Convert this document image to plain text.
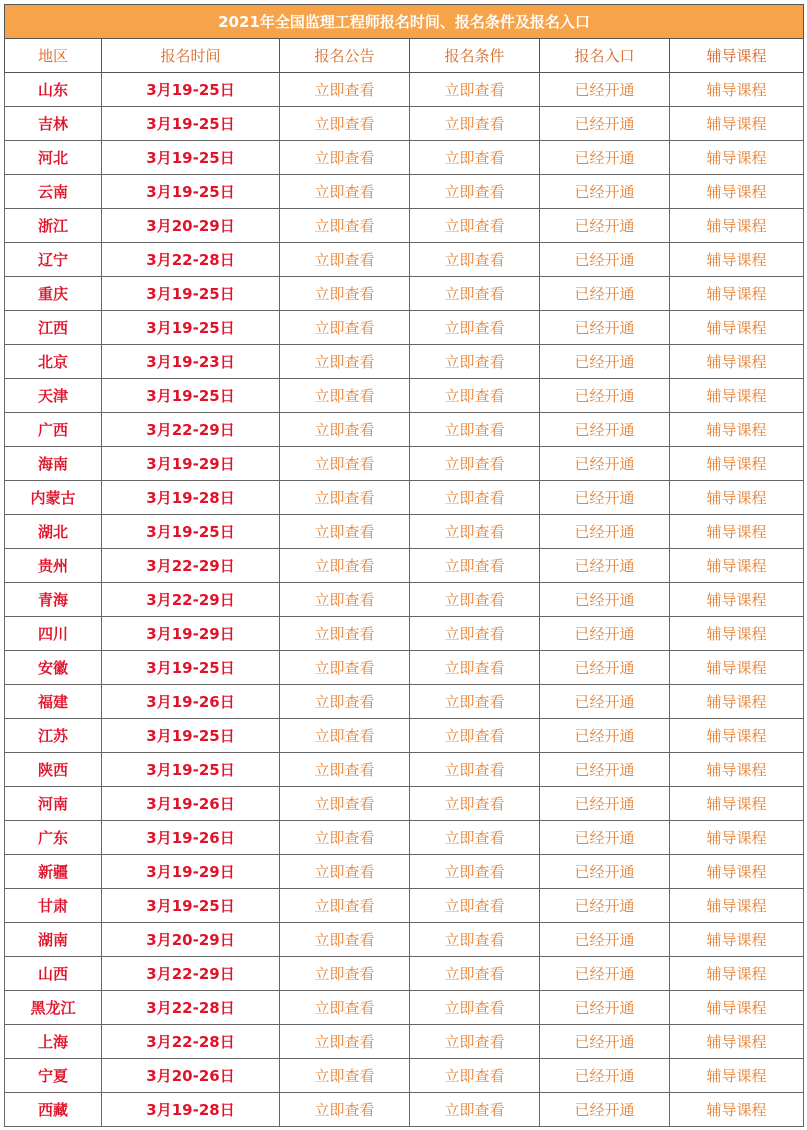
2021年全国监理工程师报名时间、报名条件及报名入口					
地区	报名时间	报名公告	报名条件	报名入口	辅导课程
山东	3月19-25日	立即查看	立即查看	已经开通	辅导课程
吉林	3月19-25日	立即查看	立即查看	已经开通	辅导课程
河北	3月19-25日	立即查看	立即查看	已经开通	辅导课程
云南	3月19-25日	立即查看	立即查看	已经开通	辅导课程
浙江	3月20-29日	立即查看	立即查看	已经开通	辅导课程
辽宁	3月22-28日	立即查看	立即查看	已经开通	辅导课程
重庆	3月19-25日	立即查看	立即查看	已经开通	辅导课程
江西	3月19-25日	立即查看	立即查看	已经开通	辅导课程
北京	3月19-23日	立即查看	立即查看	已经开通	辅导课程
天津	3月19-25日	立即查看	立即查看	已经开通	辅导课程
广西	3月22-29日	立即查看	立即查看	已经开通	辅导课程
海南	3月19-29日	立即查看	立即查看	已经开通	辅导课程
内蒙古	3月19-28日	立即查看	立即查看	已经开通	辅导课程
湖北	3月19-25日	立即查看	立即查看	已经开通	辅导课程
贵州	3月22-29日	立即查看	立即查看	已经开通	辅导课程
青海	3月22-29日	立即查看	立即查看	已经开通	辅导课程
四川	3月19-29日	立即查看	立即查看	已经开通	辅导课程
安徽	3月19-25日	立即查看	立即查看	已经开通	辅导课程
福建	3月19-26日	立即查看	立即查看	已经开通	辅导课程
江苏	3月19-25日	立即查看	立即查看	已经开通	辅导课程
陕西	3月19-25日	立即查看	立即查看	已经开通	辅导课程
河南	3月19-26日	立即查看	立即查看	已经开通	辅导课程
广东	3月19-26日	立即查看	立即查看	已经开通	辅导课程
新疆	3月19-29日	立即查看	立即查看	已经开通	辅导课程
甘肃	3月19-25日	立即查看	立即查看	已经开通	辅导课程
湖南	3月20-29日	立即查看	立即查看	已经开通	辅导课程
山西	3月22-29日	立即查看	立即查看	已经开通	辅导课程
黑龙江	3月22-28日	立即查看	立即查看	已经开通	辅导课程
上海	3月22-28日	立即查看	立即查看	已经开通	辅导课程
宁夏	3月20-26日	立即查看	立即查看	已经开通	辅导课程
西藏	3月19-28日	立即查看	立即查看	已经开通	辅导课程
